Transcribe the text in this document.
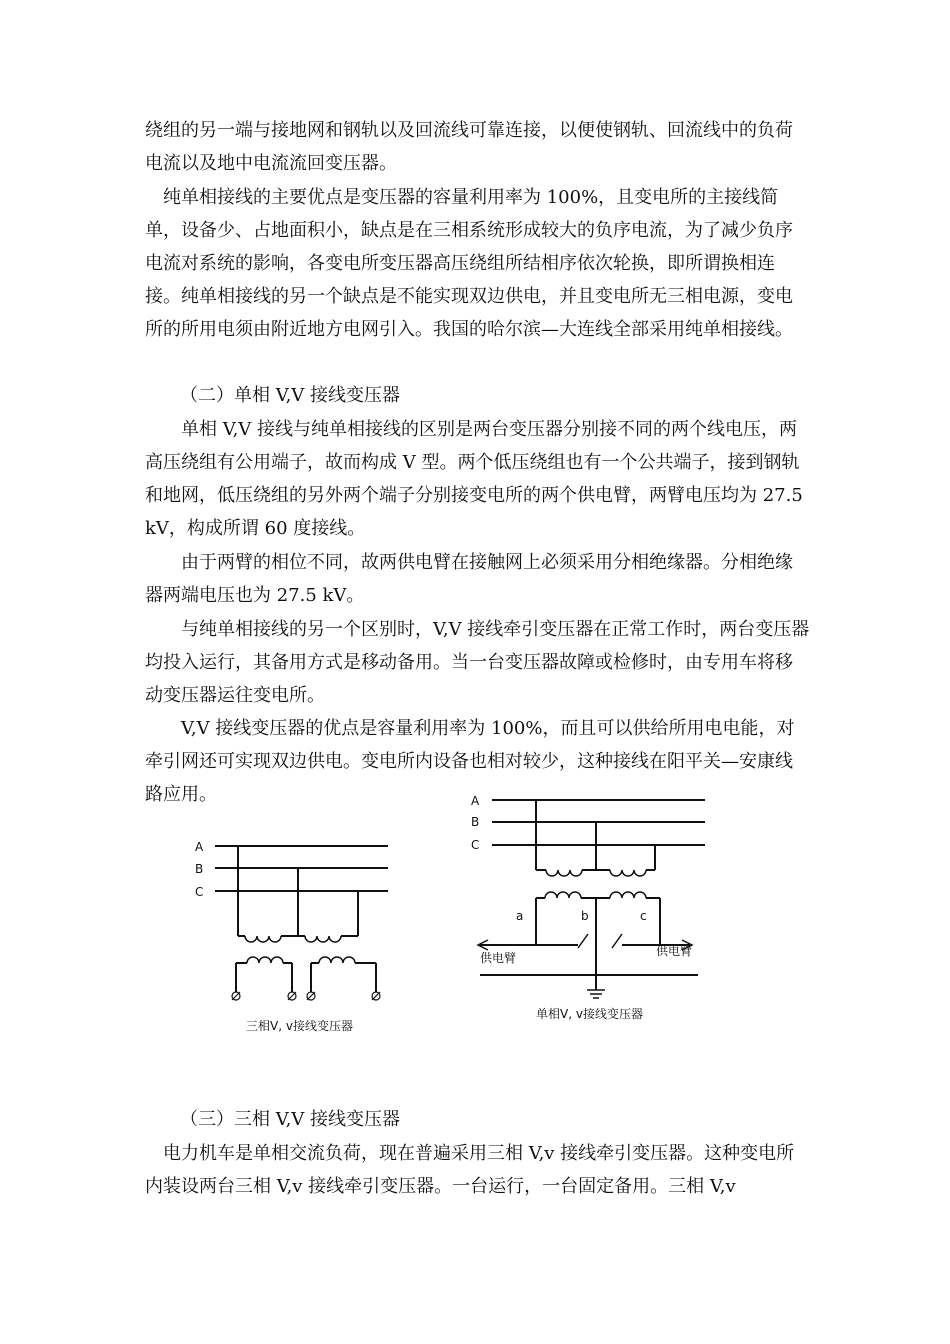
绕组的另一端与接地网和钢轨以及回流线可靠连接，以便使钢轨、回流线中的负荷电流以及地中电流流回变压器。

纯单相接线的主要优点是变压器的容量利用率为 100%，且变电所的主接线简单，设备少、占地面积小，缺点是在三相系统形成较大的负序电流，为了减少负序电流对系统的影响，各变电所变压器高压绕组所结相序依次轮换，即所谓换相连接。纯单相接线的另一个缺点是不能实现双边供电，并且变电所无三相电源，变电所的所用电须由附近地方电网引入。我国的哈尔滨—大连线全部采用纯单相接线。

（二）单相 V,V 接线变压器

单相 V,V 接线与纯单相接线的区别是两台变压器分别接不同的两个线电压，两高压绕组有公用端子，故而构成 V 型。两个低压绕组也有一个公共端子，接到钢轨和地网，低压绕组的另外两个端子分别接变电所的两个供电臂，两臂电压均为 27.5 kV，构成所谓 60 度接线。

由于两臂的相位不同，故两供电臂在接触网上必须采用分相绝缘器。分相绝缘器两端电压也为 27.5 kV。

与纯单相接线的另一个区别时，V,V 接线牵引变压器在正常工作时，两台变压器均投入运行，其备用方式是移动备用。当一台变压器故障或检修时，由专用车将移动变压器运往变电所。

V,V 接线变压器的优点是容量利用率为 100%，而且可以供给所用电电能，对牵引网还可实现双边供电。变电所内设备也相对较少，这种接线在阳平关—安康线路应用。

A
B
C
三相V, v接线变压器
A
B
C
a	b	c
供电臂	供电臂
单相V, v接线变压器

（三）三相 V,V 接线变压器

电力机车是单相交流负荷，现在普遍采用三相 V,v 接线牵引变压器。这种变电所内装设两台三相 V,v 接线牵引变压器。一台运行，一台固定备用。三相 V,v
